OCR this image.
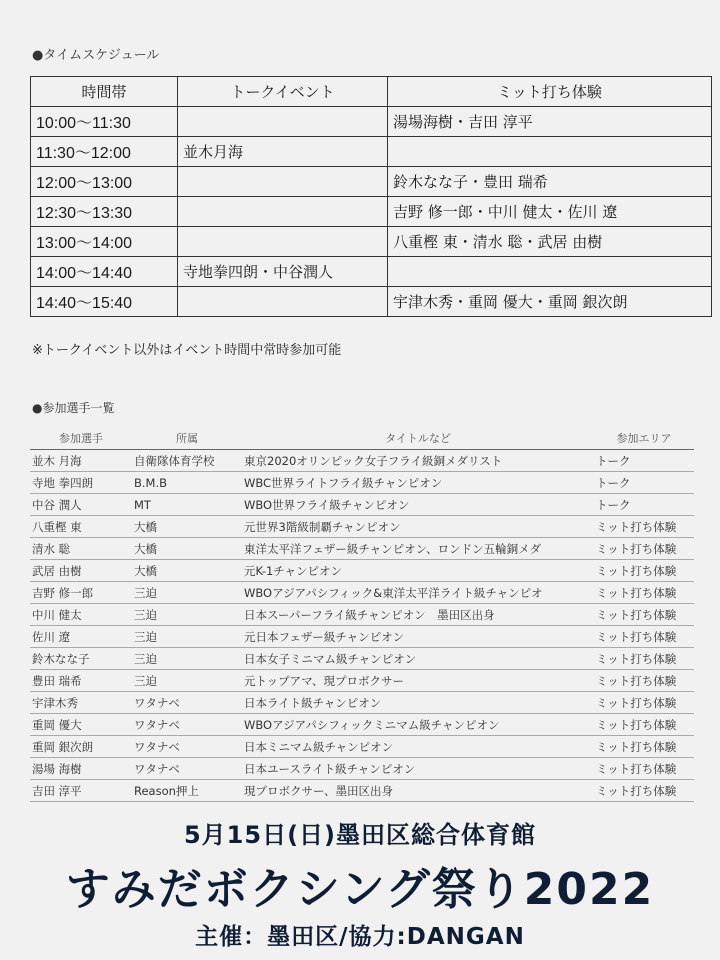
●タイムスケジュール
時間帯	トークイベント	ミット打ち体験
10:00〜11:30		湯場海樹・吉田 淳平
11:30〜12:00	並木月海	
12:00〜13:00		鈴木なな子・豊田 瑞希
12:30〜13:30		吉野 修一郎・中川 健太・佐川 遼
13:00〜14:00		八重樫 東・清水 聡・武居 由樹
14:00〜14:40	寺地拳四朗・中谷潤人	
14:40〜15:40		宇津木秀・重岡 優大・重岡 銀次朗
※トークイベント以外はイベント時間中常時参加可能
●参加選手一覧
参加選手	所属	タイトルなど	参加エリア
並木 月海	自衛隊体育学校	東京2020オリンピック女子フライ級銅メダリスト	トーク
寺地 拳四朗	B.M.B	WBC世界ライトフライ級チャンピオン	トーク
中谷 潤人	MT	WBO世界フライ級チャンピオン	トーク
八重樫 東	大橋	元世界3階級制覇チャンピオン	ミット打ち体験
清水 聡	大橋	東洋太平洋フェザー級チャンピオン、ロンドン五輪銅メダ	ミット打ち体験
武居 由樹	大橋	元K-1チャンピオン	ミット打ち体験
吉野 修一郎	三迫	WBOアジアパシフィック&東洋太平洋ライト級チャンピオ	ミット打ち体験
中川 健太	三迫	日本スーパーフライ級チャンピオン　墨田区出身	ミット打ち体験
佐川 遼	三迫	元日本フェザー級チャンピオン	ミット打ち体験
鈴木なな子	三迫	日本女子ミニマム級チャンピオン	ミット打ち体験
豊田 瑞希	三迫	元トップアマ、現プロボクサー	ミット打ち体験
宇津木秀	ワタナベ	日本ライト級チャンピオン	ミット打ち体験
重岡 優大	ワタナベ	WBOアジアパシフィックミニマム級チャンピオン	ミット打ち体験
重岡 銀次朗	ワタナベ	日本ミニマム級チャンピオン	ミット打ち体験
湯場 海樹	ワタナベ	日本ユースライト級チャンピオン	ミット打ち体験
吉田 淳平	Reason押上	現プロボクサー、墨田区出身	ミット打ち体験
5月15日(日)墨田区総合体育館
すみだボクシング祭り2022
主催：墨田区/協力:DANGAN
